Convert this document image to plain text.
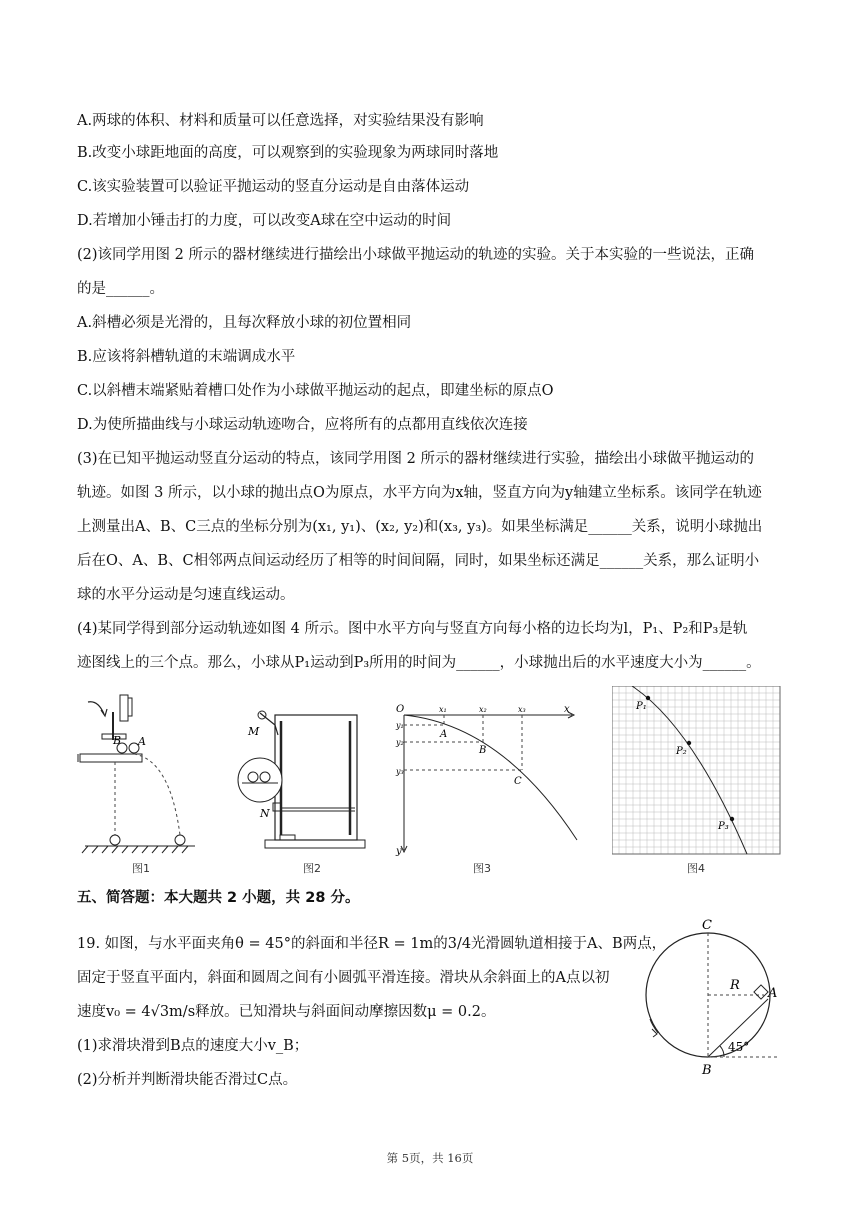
A.两球的体积、材料和质量可以任意选择，对实验结果没有影响
B.改变小球距地面的高度，可以观察到的实验现象为两球同时落地
C.该实验装置可以验证平抛运动的竖直分运动是自由落体运动
D.若增加小锤击打的力度，可以改变A球在空中运动的时间
(2)该同学用图 2 所示的器材继续进行描绘出小球做平抛运动的轨迹的实验。关于本实验的一些说法，正确
的是______。
A.斜槽必须是光滑的，且每次释放小球的初位置相同
B.应该将斜槽轨道的末端调成水平
C.以斜槽末端紧贴着槽口处作为小球做平抛运动的起点，即建坐标的原点O
D.为使所描曲线与小球运动轨迹吻合，应将所有的点都用直线依次连接
(3)在已知平抛运动竖直分运动的特点，该同学用图 2 所示的器材继续进行实验，描绘出小球做平抛运动的
轨迹。如图 3 所示，以小球的抛出点O为原点，水平方向为x轴，竖直方向为y轴建立坐标系。该同学在轨迹
上测量出A、B、C三点的坐标分别为(x₁, y₁)、(x₂, y₂)和(x₃, y₃)。如果坐标满足______关系，说明小球抛出
后在O、A、B、C相邻两点间运动经历了相等的时间间隔，同时，如果坐标还满足______关系，那么证明小
球的水平分运动是匀速直线运动。
(4)某同学得到部分运动轨迹如图 4 所示。图中水平方向与竖直方向每小格的边长均为l，P₁、P₂和P₃是轨
迹图线上的三个点。那么，小球从P₁运动到P₃所用的时间为______，小球抛出后的水平速度大小为______。
B A
图1
M
N
图2
O	x
y
x₁	x₂	x₃
y₁
y₂
y₃
A
B
C
图3
P₁
P₂
P₃
图4
五、简答题：本大题共 2 小题，共 28 分。
19. 如图，与水平面夹角θ = 45°的斜面和半径R = 1m的3/4光滑圆轨道相接于A、B两点，
固定于竖直平面内，斜面和圆周之间有小圆弧平滑连接。滑块从余斜面上的A点以初
速度v₀ = 4√3m/s释放。已知滑块与斜面间动摩擦因数μ = 0.2。
(1)求滑块滑到B点的速度大小v_B；
(2)分析并判断滑块能否滑过C点。
C
R
A
B
45°
第 5页，共 16页
